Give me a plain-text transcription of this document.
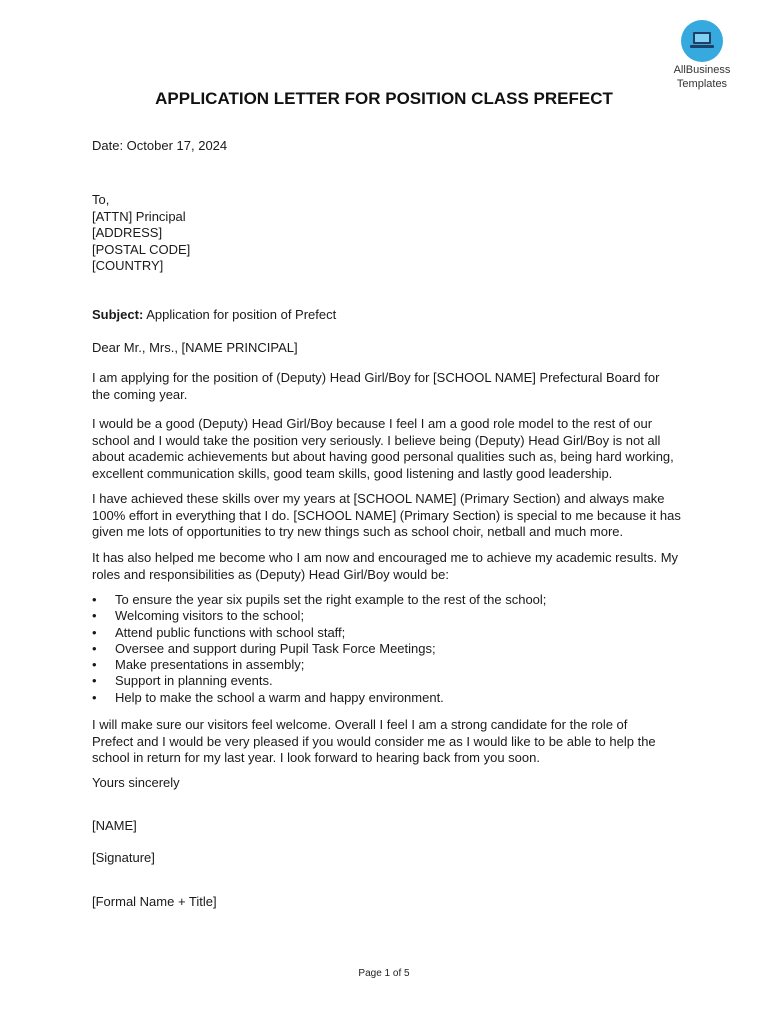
AllBusiness
Templates
APPLICATION LETTER FOR POSITION CLASS PREFECT
Date: October 17, 2024
To,
[ATTN] Principal
[ADDRESS]
[POSTAL CODE]
[COUNTRY]
Subject: Application for position of Prefect
Dear Mr., Mrs., [NAME PRINCIPAL]
I am applying for the position of (Deputy) Head Girl/Boy for [SCHOOL NAME] Prefectural Board for
the coming year.
I would be a good (Deputy) Head Girl/Boy because I feel I am a good role model to the rest of our
school and I would take the position very seriously. I believe being (Deputy) Head Girl/Boy is not all
about academic achievements but about having good personal qualities such as, being hard working,
excellent communication skills, good team skills, good listening and lastly good leadership.
I have achieved these skills over my years at [SCHOOL NAME] (Primary Section) and always make
100% effort in everything that I do. [SCHOOL NAME] (Primary Section) is special to me because it has
given me lots of opportunities to try new things such as school choir, netball and much more.
It has also helped me become who I am now and encouraged me to achieve my academic results. My
roles and responsibilities as (Deputy) Head Girl/Boy would be:
• To ensure the year six pupils set the right example to the rest of the school;
• Welcoming visitors to the school;
• Attend public functions with school staff;
• Oversee and support during Pupil Task Force Meetings;
• Make presentations in assembly;
• Support in planning events.
• Help to make the school a warm and happy environment.
I will make sure our visitors feel welcome. Overall I feel I am a strong candidate for the role of
Prefect and I would be very pleased if you would consider me as I would like to be able to help the
school in return for my last year. I look forward to hearing back from you soon.
Yours sincerely
[NAME]
[Signature]
[Formal Name + Title]
Page 1 of 5
